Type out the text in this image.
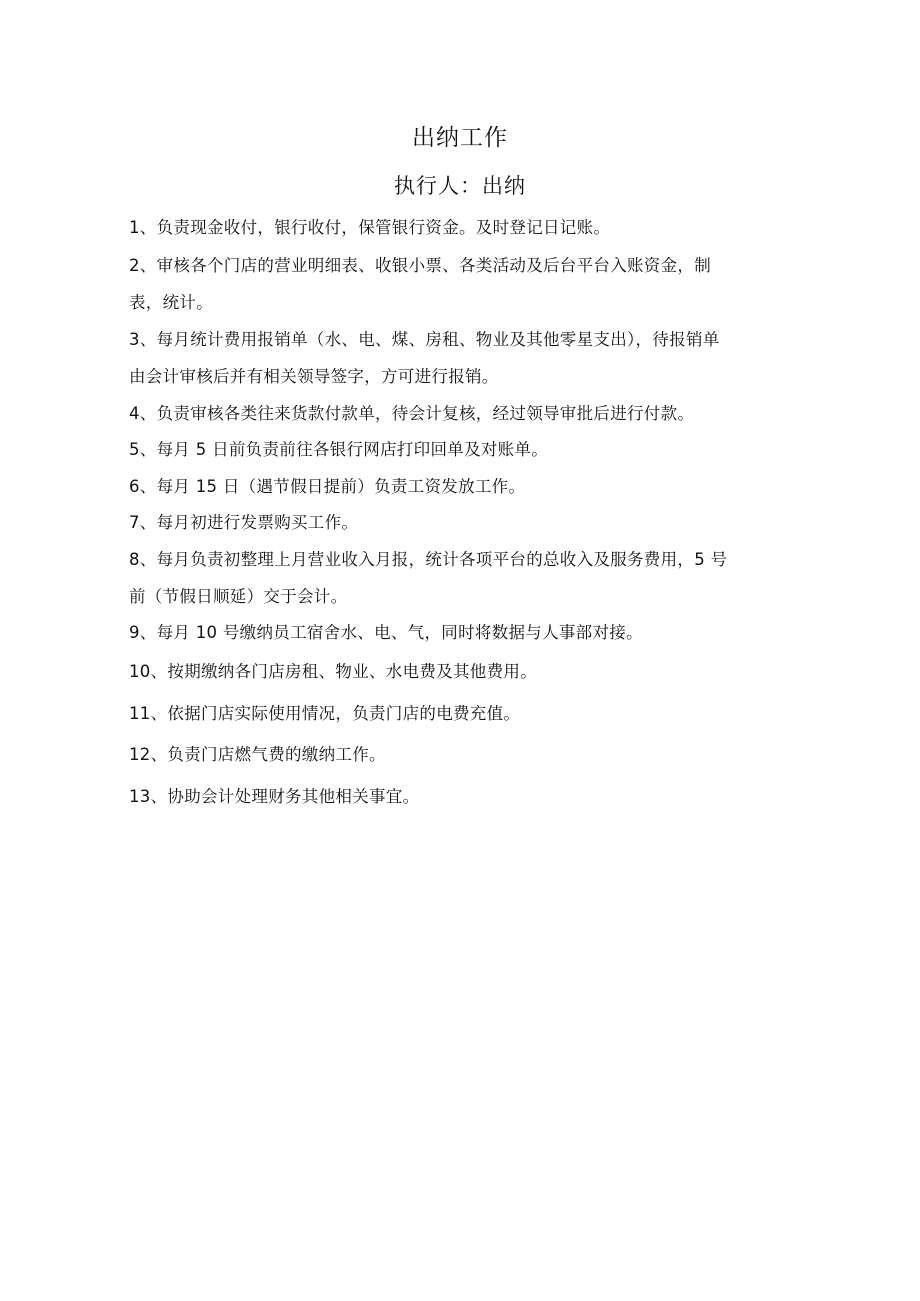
出纳工作
执行人：出纳
1、负责现金收付，银行收付，保管银行资金。及时登记日记账。
2、审核各个门店的营业明细表、收银小票、各类活动及后台平台入账资金，制
表，统计。
3、每月统计费用报销单（水、电、煤、房租、物业及其他零星支出），待报销单
由会计审核后并有相关领导签字，方可进行报销。
4、负责审核各类往来货款付款单，待会计复核，经过领导审批后进行付款。
5、每月 5 日前负责前往各银行网店打印回单及对账单。
6、每月 15 日（遇节假日提前）负责工资发放工作。
7、每月初进行发票购买工作。
8、每月负责初整理上月营业收入月报，统计各项平台的总收入及服务费用，5 号
前（节假日顺延）交于会计。
9、每月 10 号缴纳员工宿舍水、电、气，同时将数据与人事部对接。
10、按期缴纳各门店房租、物业、水电费及其他费用。
11、依据门店实际使用情况，负责门店的电费充值。
12、负责门店燃气费的缴纳工作。
13、协助会计处理财务其他相关事宜。
